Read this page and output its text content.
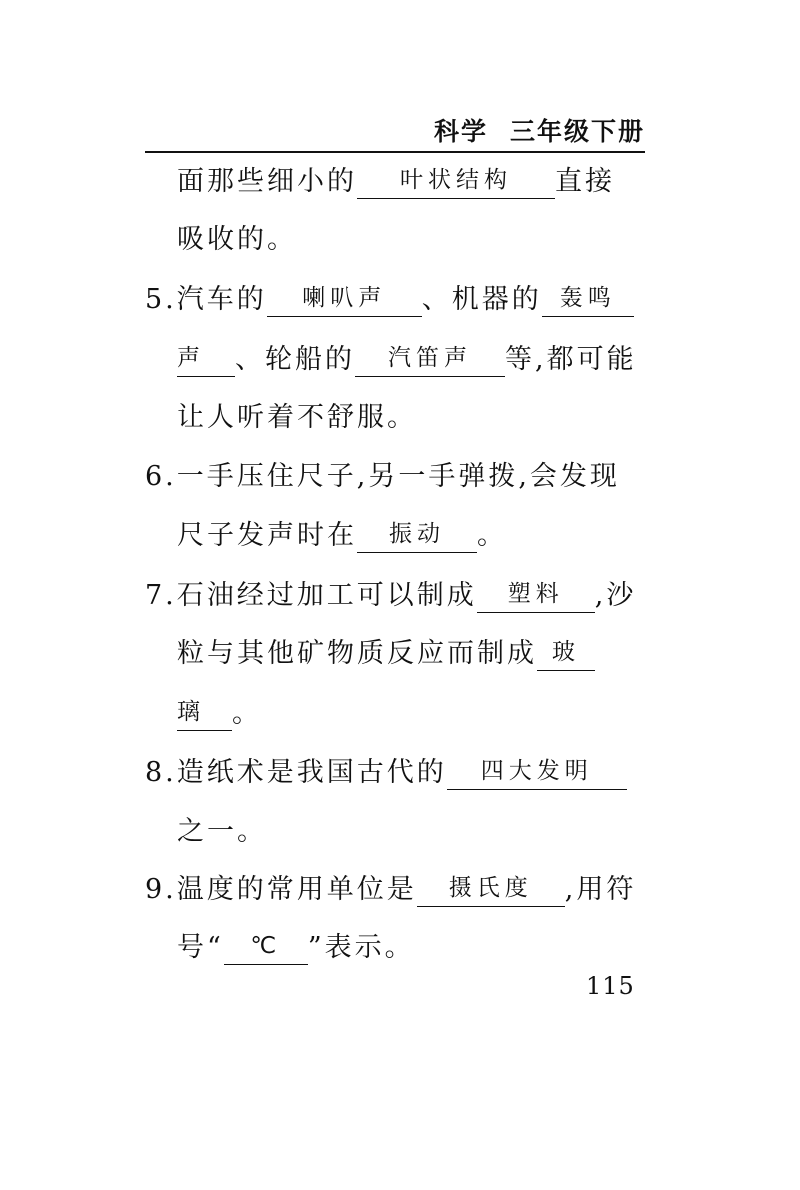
科学 三年级下册
面那些细小的 叶状结构 直接
吸收的。
5.汽车的 喇叭声 、机器的 轰鸣
声 、轮船的 汽笛声 等,都可能
让人听着不舒服。
6.一手压住尺子,另一手弹拨,会发现
尺子发声时在 振动 。
7.石油经过加工可以制成 塑料 ,沙
粒与其他矿物质反应而制成 玻
璃 。
8.造纸术是我国古代的 四大发明
之一。
9.温度的常用单位是 摄氏度 ,用符
号“ ℃ ”表示。
115
